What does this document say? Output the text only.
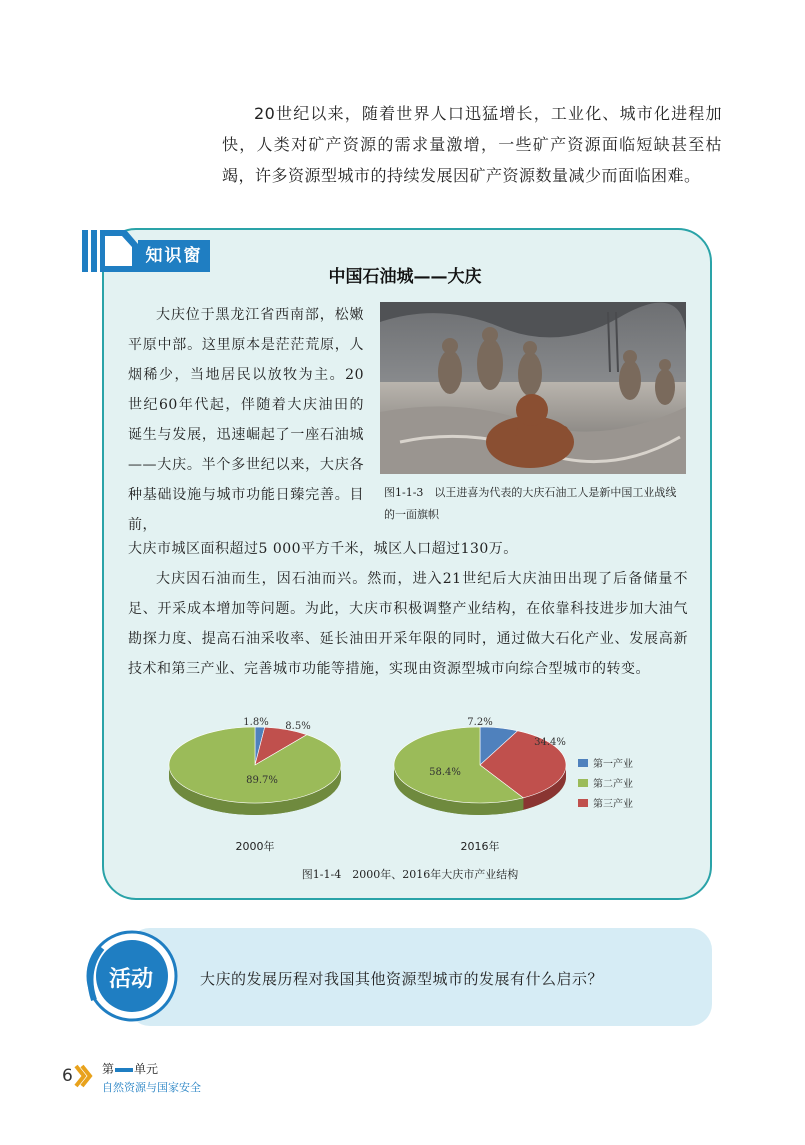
20世纪以来，随着世界人口迅猛增长，工业化、城市化进程加快，人类对矿产资源的需求量激增，一些矿产资源面临短缺甚至枯竭，许多资源型城市的持续发展因矿产资源数量减少而面临困难。

知识窗
中国石油城——大庆

大庆位于黑龙江省西南部，松嫩平原中部。这里原本是茫茫荒原，人烟稀少，当地居民以放牧为主。20世纪60年代起，伴随着大庆油田的诞生与发展，迅速崛起了一座石油城——大庆。半个多世纪以来，大庆各种基础设施与城市功能日臻完善。目前，

图1-1-3　以王进喜为代表的大庆石油工人是新中国工业战线的一面旗帜

大庆市城区面积超过5 000平方千米，城区人口超过130万。

大庆因石油而生，因石油而兴。然而，进入21世纪后大庆油田出现了后备储量不足、开采成本增加等问题。为此，大庆市积极调整产业结构，在依靠科技进步加大油气勘探力度、提高石油采收率、延长油田开采年限的同时，通过做大石化产业、发展高新技术和第三产业、完善城市功能等措施，实现由资源型城市向综合型城市的转变。

1.8%
89.7%
8.5%
2000年
7.2%
58.4%
34.4%
2016年
第一产业
第二产业
第三产业
图1-1-4　2000年、2016年大庆市产业结构
活动	大庆的发展历程对我国其他资源型城市的发展有什么启示？
6 第 单元
自然资源与国家安全
